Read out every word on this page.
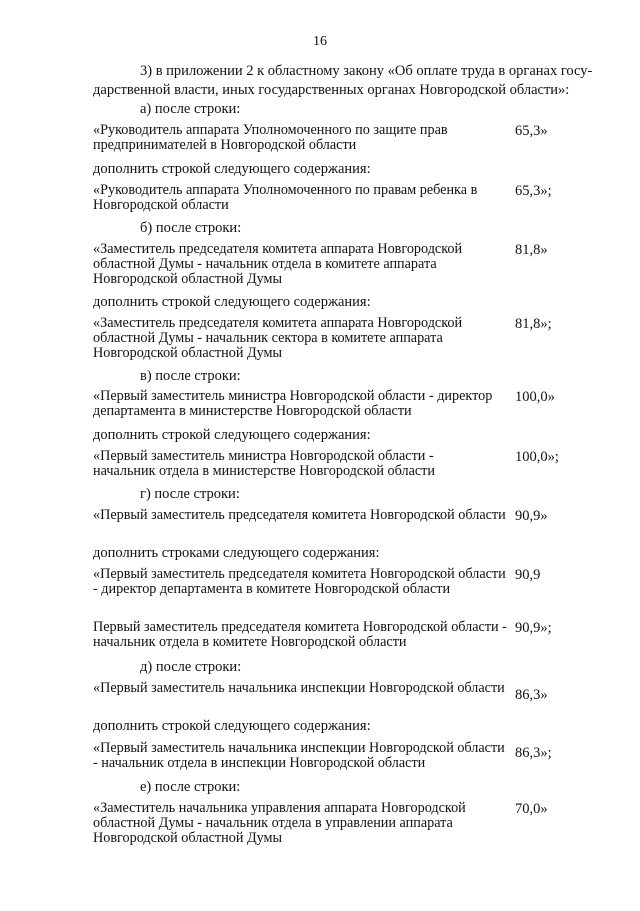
16
3) в приложении 2 к областному закону «Об оплате труда в органах госу-
дарственной власти, иных государственных органах Новгородской области»:
а) после строки:
«Руководитель аппарата Уполномоченного по защите прав предпринимателей в Новгородской области
65,3»
дополнить строкой следующего содержания:
«Руководитель аппарата Уполномоченного по правам ребенка в Новгородской области
65,3»;
б) после строки:
«Заместитель председателя комитета аппарата Новгородской областной Думы - начальник отдела в комитете аппарата Новгородской областной Думы
81,8»
дополнить строкой следующего содержания:
«Заместитель председателя комитета аппарата Новгородской областной Думы - начальник сектора в комитете аппарата Новгородской областной Думы
81,8»;
в) после строки:
«Первый заместитель министра Новгородской области - директор департамента в министерстве Новгородской области
100,0»
дополнить строкой следующего содержания:
«Первый заместитель министра Новгородской области - начальник отдела в министерстве Новгородской области
100,0»;
г) после строки:
«Первый заместитель председателя комитета Новгородской области 90,9»
дополнить строками следующего содержания:
«Первый заместитель председателя комитета Новгородской области - директор департамента в комитете Новгородской области
90,9
Первый заместитель председателя комитета Новгородской области - начальник отдела в комитете Новгородской области
90,9»;
д) после строки:
«Первый заместитель начальника инспекции Новгородской области 86,3»
дополнить строкой следующего содержания:
«Первый заместитель начальника инспекции Новгородской области - начальник отдела в инспекции Новгородской области
86,3»;
е) после строки:
«Заместитель начальника управления аппарата Новгородской областной Думы - начальник отдела в управлении аппарата Новгородской областной Думы
70,0»
